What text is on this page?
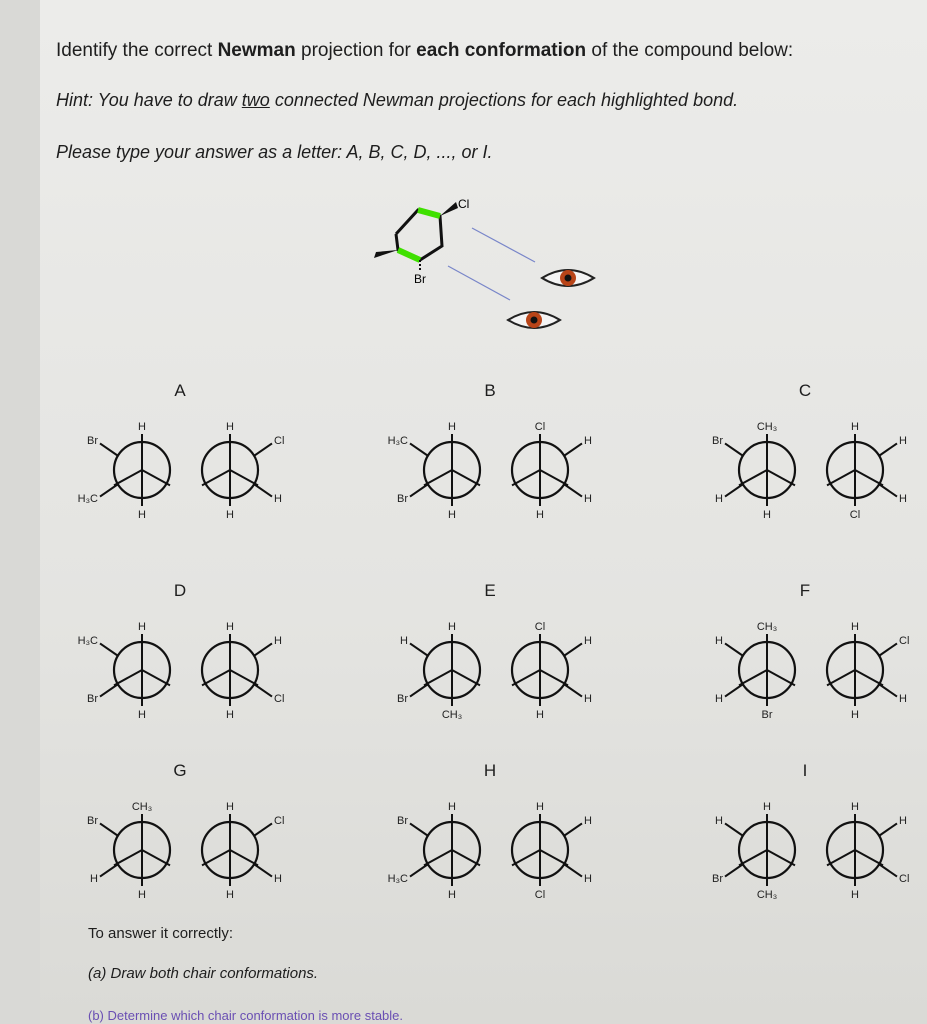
Identify the correct Newman projection for each conformation of the compound below:
Hint: You have to draw two connected Newman projections for each highlighted bond.
Please type your answer as a letter: A, B, C, D, ..., or I.
Cl
Br
A
Br
H₃C
H
H
Cl
H
H
H
B
H₃C
Br
H
H
H
H
Cl
H
C
Br
H
CH₃
H
H
H
H
Cl
D
H₃C
Br
H
H
H
Cl
H
H
E
H
Br
H
CH₃
H
H
Cl
H
F
H
H
CH₃
Br
Cl
H
H
H
G
Br
H
CH₃
H
Cl
H
H
H
H
Br
H₃C
H
H
H
H
H
Cl
I
H
Br
H
CH₃
H
Cl
H
H
To answer it correctly:
(a) Draw both chair conformations.
(b) Determine which chair conformation is more stable.
